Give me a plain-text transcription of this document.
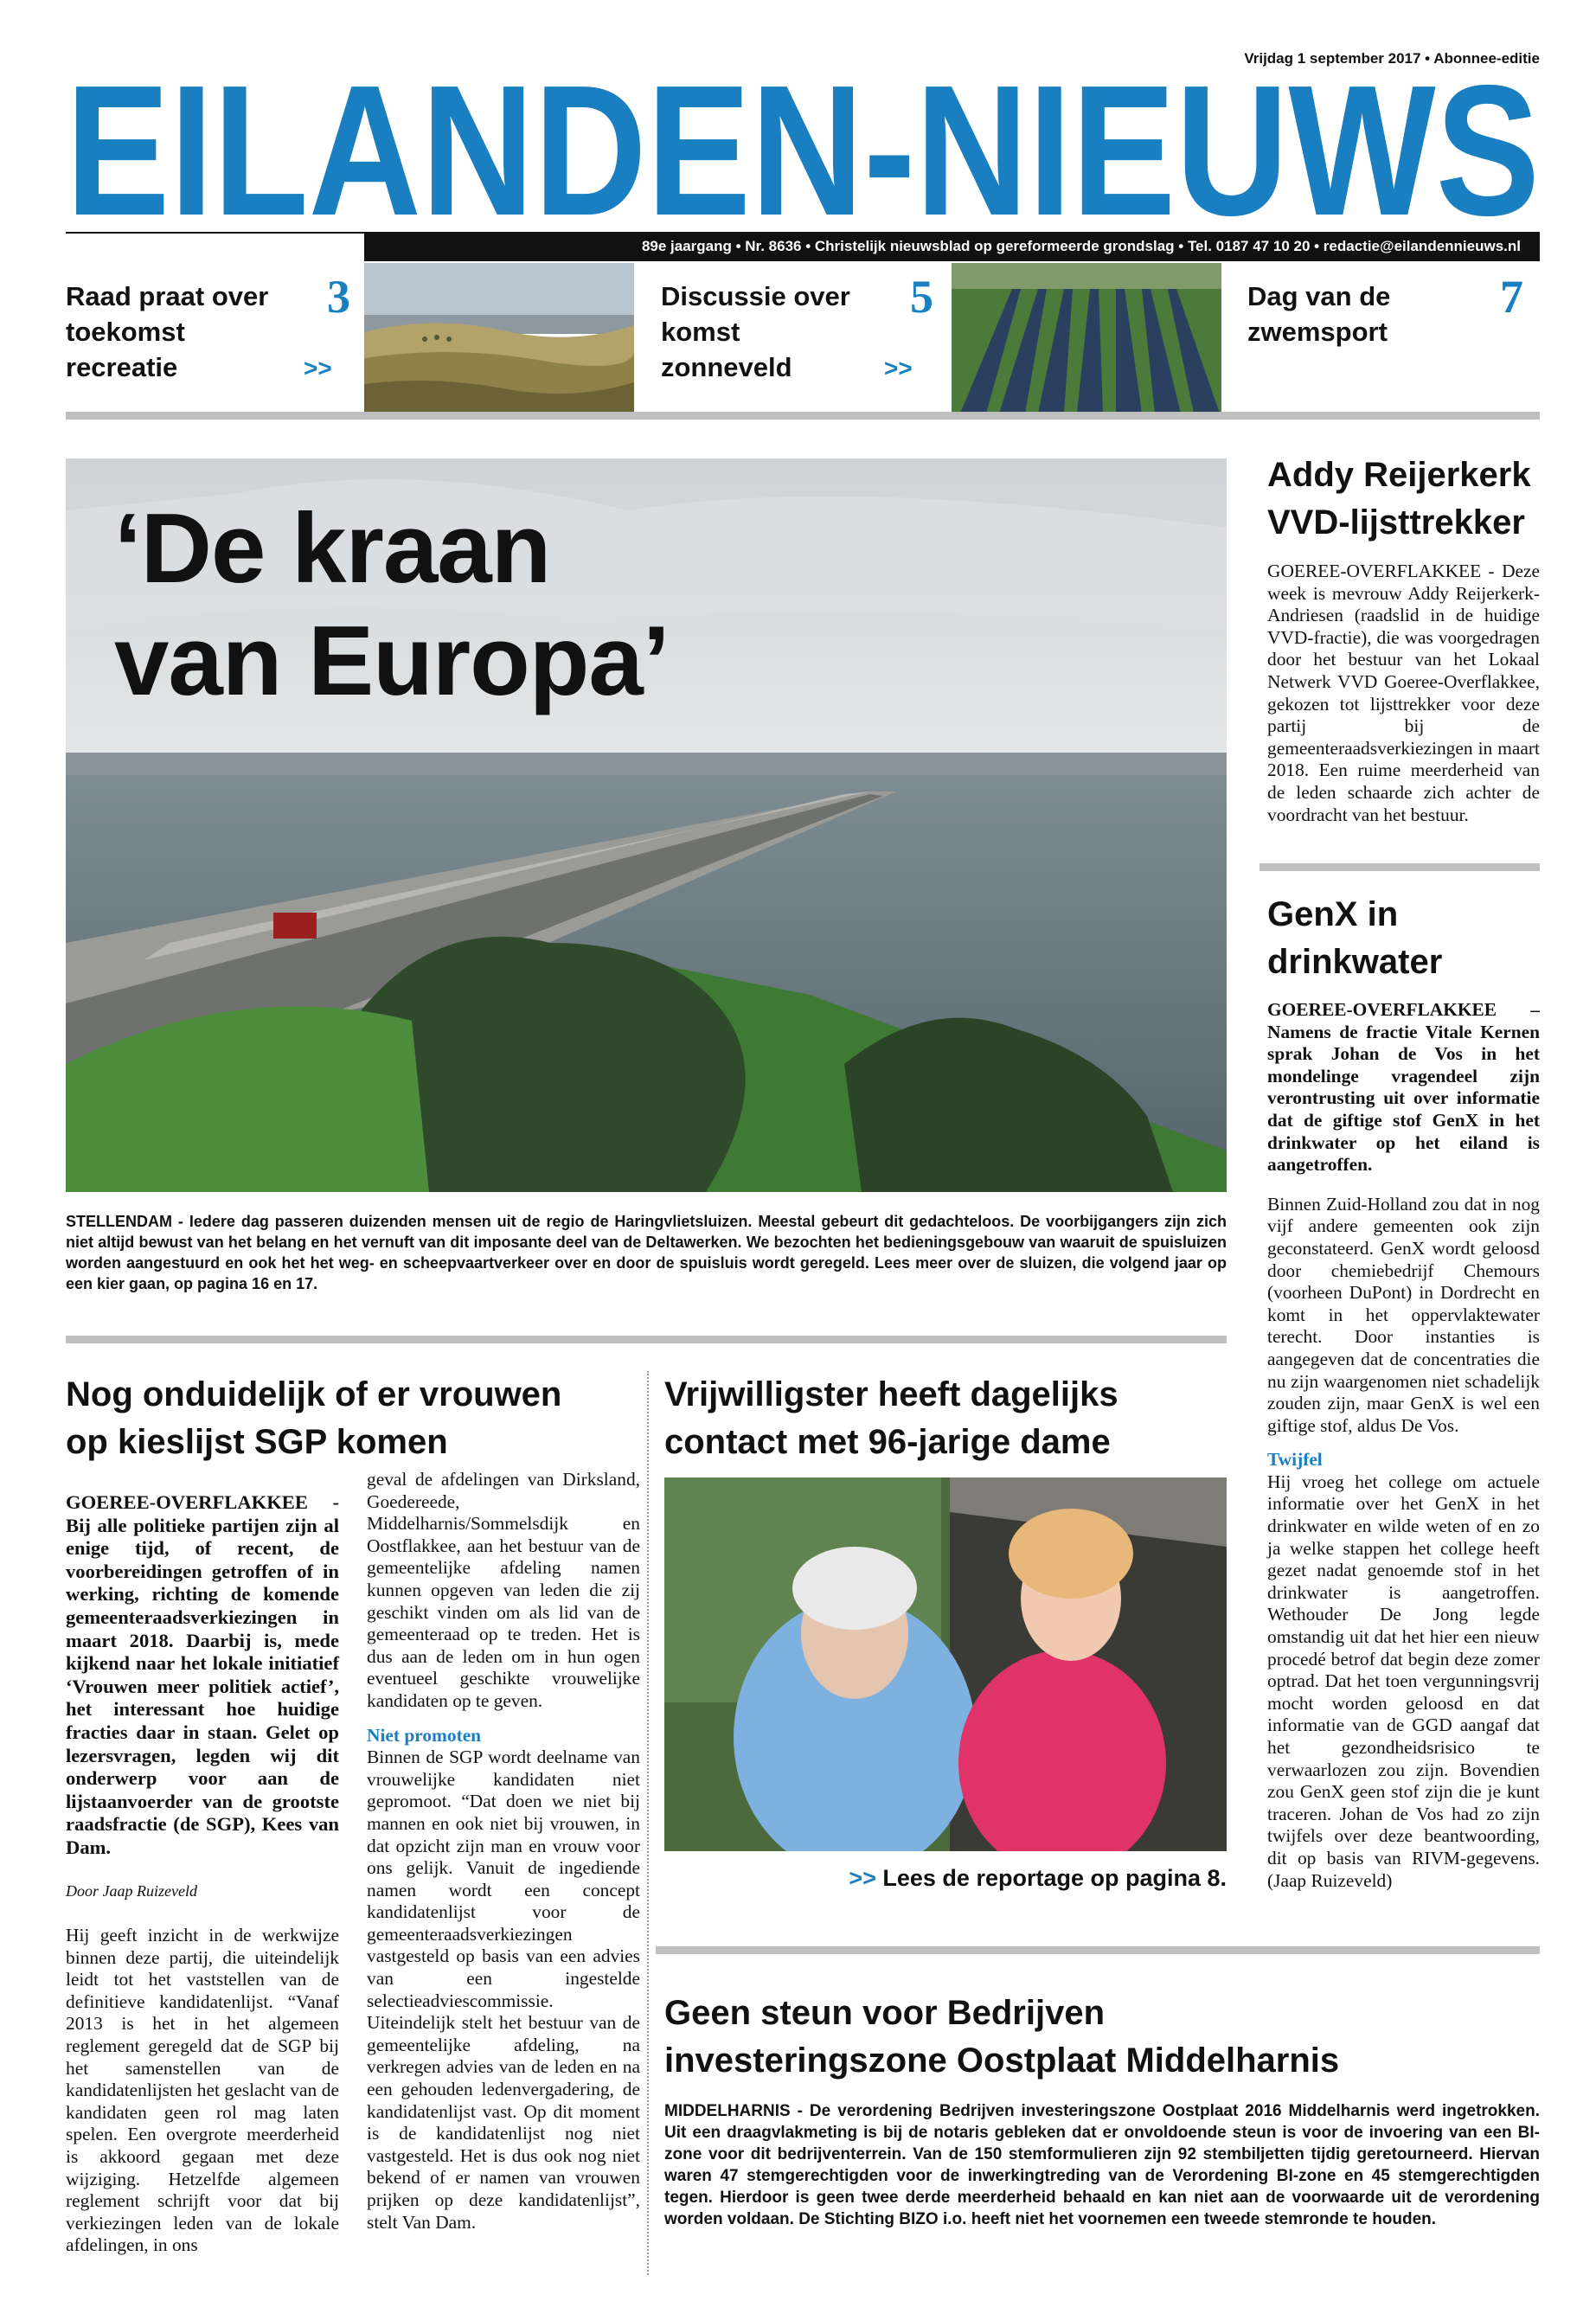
Vrijdag 1 september 2017 • Abonnee-editie
EILANDEN-NIEUWS
89e jaargang • Nr. 8636 • Christelijk nieuwsblad op gereformeerde grondslag • Tel. 0187 47 10 20 • redactie@eilandennieuws.nl
Raad praat over toekomst recreatie
3
>>
Discussie over komst zonneveld
5
>>
Dag van de zwemsport
7
‘De kraan
van Europa’
STELLENDAM - Iedere dag passeren duizenden mensen uit de regio de Haringvlietsluizen. Meestal gebeurt dit gedachteloos. De voorbijgangers zijn zich niet altijd bewust van het belang en het vernuft van dit imposante deel van de Deltawerken. We bezochten het bedieningsgebouw van waaruit de spuisluizen worden aangestuurd en ook het het weg- en scheepvaartverkeer over en door de spuisluis wordt geregeld. Lees meer over de sluizen, die volgend jaar op een kier gaan, op pagina 16 en 17.
Addy Reijerkerk
VVD-lijsttrekker
GOEREE-OVERFLAKKEE - Deze week is mevrouw Addy Reijerkerk-Andriesen (raadslid in de huidige VVD-fractie), die was voorgedragen door het bestuur van het Lokaal Netwerk VVD Goeree-Overflakkee, gekozen tot lijsttrekker voor deze partij bij de gemeenteraadsverkiezingen in maart 2018. Een ruime meerderheid van de leden schaarde zich achter de voordracht van het bestuur.
GenX in
drinkwater

GOEREE-OVERFLAKKEE – Namens de fractie Vitale Kernen sprak Johan de Vos in het mondelinge vragendeel zijn verontrusting uit over informatie dat de giftige stof GenX in het drinkwater op het eiland is aangetroffen.

Binnen Zuid-Holland zou dat in nog vijf andere gemeenten ook zijn geconstateerd. GenX wordt geloosd door chemiebedrijf Chemours (voorheen DuPont) in Dordrecht en komt in het oppervlaktewater terecht. Door instanties is aangegeven dat de concentraties die nu zijn waargenomen niet schadelijk zouden zijn, maar GenX is wel een giftige stof, aldus De Vos.

Twijfel

Hij vroeg het college om actuele informatie over het GenX in het drinkwater en wilde weten of en zo ja welke stappen het college heeft gezet nadat genoemde stof in het drinkwater is aangetroffen. Wethouder De Jong legde omstandig uit dat het hier een nieuw procedé betrof dat begin deze zomer optrad. Dat het toen vergunningsvrij mocht worden geloosd en dat informatie van de GGD aangaf dat het gezondheidsrisico te verwaarlozen zou zijn. Bovendien zou GenX geen stof zijn die je kunt traceren. Johan de Vos had zo zijn twijfels over deze beantwoording, dit op basis van RIVM-gegevens. (Jaap Ruizeveld)

Nog onduidelijk of er vrouwen
op kieslijst SGP komen

GOEREE-OVERFLAKKEE - Bij alle politieke partijen zijn al enige tijd, of recent, de voorbereidingen getroffen of in werking, richting de komende gemeenteraadsverkiezingen in maart 2018. Daarbij is, mede kijkend naar het lokale initiatief ‘Vrouwen meer politiek actief’, het interessant hoe huidige fracties daar in staan. Gelet op lezersvragen, legden wij dit onderwerp voor aan de lijstaanvoerder van de grootste raadsfractie (de SGP), Kees van Dam.

Door Jaap Ruizeveld

Hij geeft inzicht in de werkwijze binnen deze partij, die uiteindelijk leidt tot het vaststellen van de definitieve kandidatenlijst. “Vanaf 2013 is het in het algemeen reglement geregeld dat de SGP bij het samenstellen van de kandidatenlijsten het geslacht van de kandidaten geen rol mag laten spelen. Een overgrote meerderheid is akkoord gegaan met deze wijziging. Hetzelfde algemeen reglement schrijft voor dat bij verkiezingen leden van de lokale afdelingen, in ons

geval de afdelingen van Dirksland, Goedereede, Middelharnis/Sommelsdijk en Oostflakkee, aan het bestuur van de gemeentelijke afdeling namen kunnen opgeven van leden die zij geschikt vinden om als lid van de gemeenteraad op te treden. Het is dus aan de leden om in hun ogen eventueel geschikte vrouwelijke kandidaten op te geven.

Niet promoten

Binnen de SGP wordt deelname van vrouwelijke kandidaten niet gepromoot. “Dat doen we niet bij mannen en ook niet bij vrouwen, in dat opzicht zijn man en vrouw voor ons gelijk. Vanuit de ingediende namen wordt een concept kandidatenlijst voor de gemeenteraadsverkiezingen vastgesteld op basis van een advies van een ingestelde selectieadviescommissie. Uiteindelijk stelt het bestuur van de gemeentelijke afdeling, na verkregen advies van de leden en na een gehouden ledenvergadering, de kandidatenlijst vast. Op dit moment is de kandidatenlijst nog niet vastgesteld. Het is dus ook nog niet bekend of er namen van vrouwen prijken op deze kandidatenlijst”, stelt Van Dam.

Vrijwilligster heeft dagelijks
contact met 96-jarige dame
>> Lees de reportage op pagina 8.
Geen steun voor Bedrijven
investeringszone Oostplaat Middelharnis
MIDDELHARNIS - De verordening Bedrijven investeringszone Oostplaat 2016 Middelharnis werd ingetrokken. Uit een draagvlakmeting is bij de notaris gebleken dat er onvoldoende steun is voor de invoering van een BI-zone voor dit bedrijventerrein. Van de 150 stemformulieren zijn 92 stembiljetten tijdig geretourneerd. Hiervan waren 47 stemgerechtigden voor de inwerkingtreding van de Verordening BI-zone en 45 stemgerechtigden tegen. Hierdoor is geen twee derde meerderheid behaald en kan niet aan de voorwaarde uit de verordening worden voldaan. De Stichting BIZO i.o. heeft niet het voornemen een tweede stemronde te houden.
